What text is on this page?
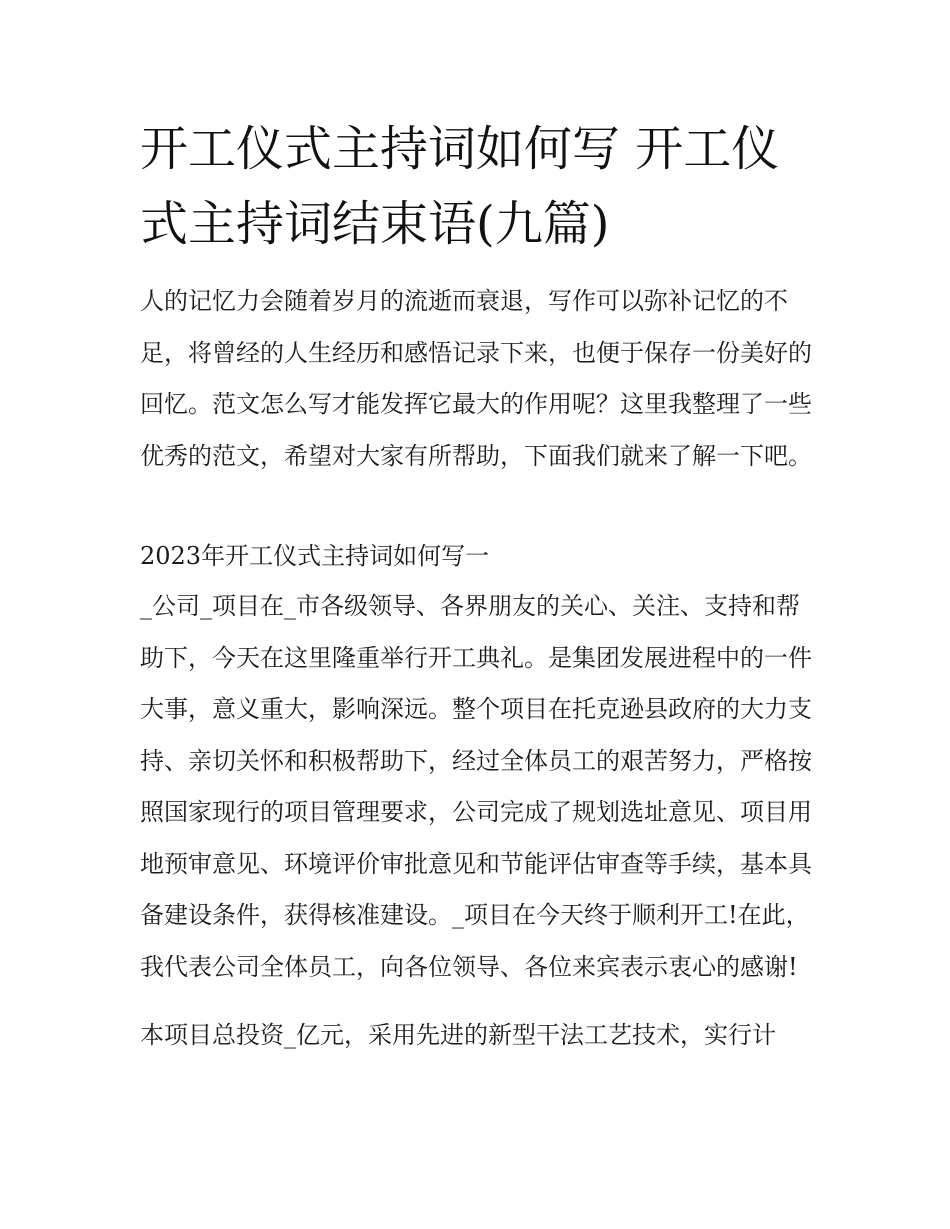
开工仪式主持词如何写 开工仪式主持词结束语(九篇)

人的记忆力会随着岁月的流逝而衰退，写作可以弥补记忆的不足，将曾经的人生经历和感悟记录下来，也便于保存一份美好的回忆。范文怎么写才能发挥它最大的作用呢？这里我整理了一些优秀的范文，希望对大家有所帮助，下面我们就来了解一下吧。

2023年开工仪式主持词如何写一

_公司_项目在_市各级领导、各界朋友的关心、关注、支持和帮助下，今天在这里隆重举行开工典礼。是集团发展进程中的一件大事，意义重大，影响深远。整个项目在托克逊县政府的大力支持、亲切关怀和积极帮助下，经过全体员工的艰苦努力，严格按照国家现行的项目管理要求，公司完成了规划选址意见、项目用地预审意见、环境评价审批意见和节能评估审查等手续，基本具备建设条件，获得核准建设。_项目在今天终于顺利开工!在此，我代表公司全体员工，向各位领导、各位来宾表示衷心的感谢!

本项目总投资_亿元，采用先进的新型干法工艺技术，实行计
